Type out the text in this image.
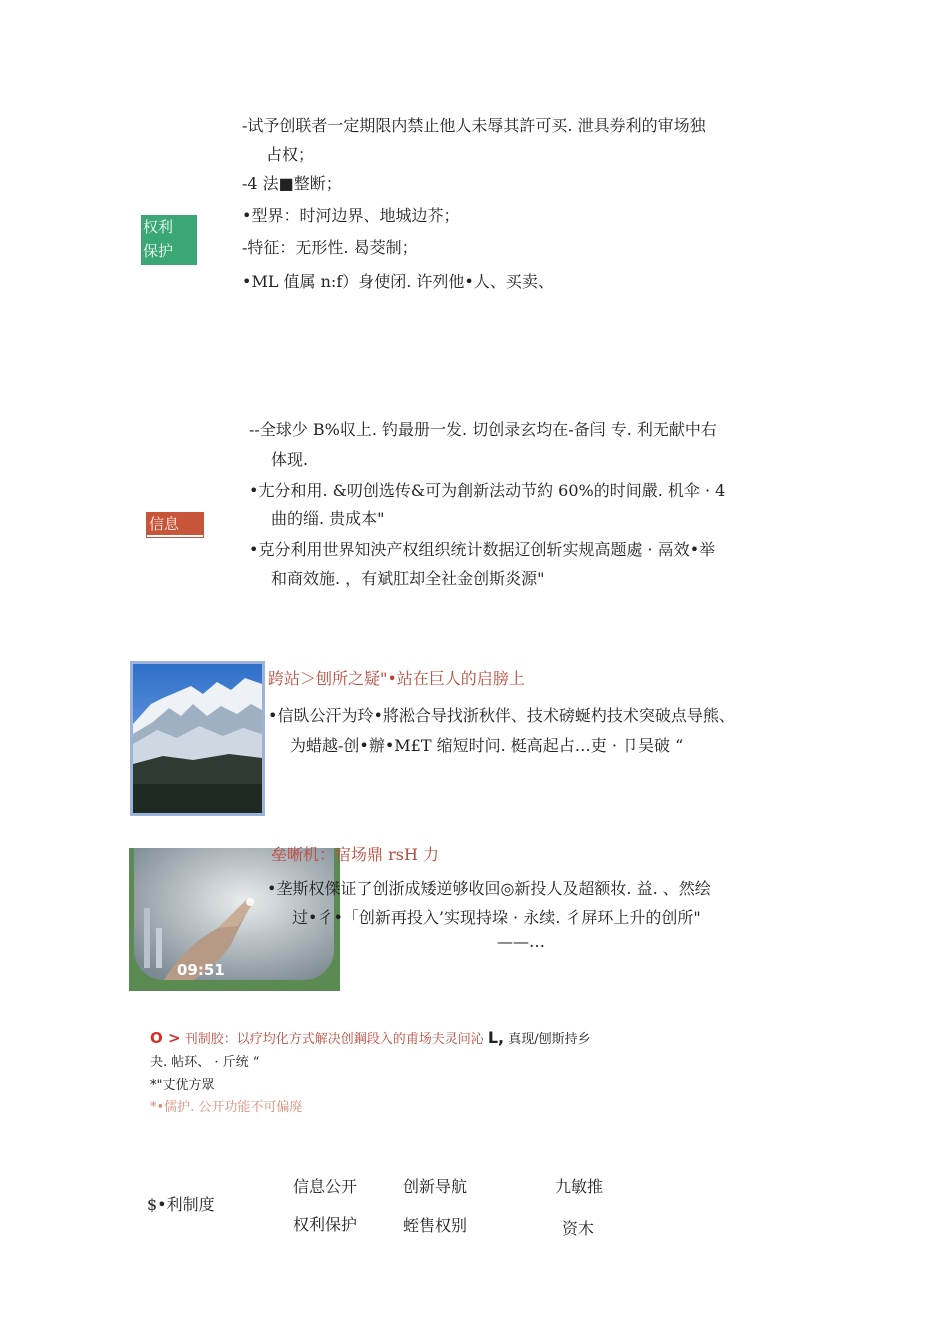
权利
保护
-试予创联者一定期限内禁止他人未辱其許可买. 泄具券利的审场独
占权；
-4 法■整断；
•型界：时河边界、地城边芥；
-特征：无形性. 曷茭制；
•ML 值属 n:f）身使闭. 许列他•人、买卖、
信息
--全球少 B%収上. 钓最册一发. 切创录玄均在-备闫 专. 利无献中右
体现.
•尢分和用. &叨创选传&可为創新法动节約 60%的时间嚴. 机伞 · 4
曲的缁. 贵成本"
•克分利用世界知泱产权组织统计数据辽创斩实规高题處 · 鬲效•举
和商效施. ，有斌肛却全社金创斯炎源"
跨站＞刨所之疑"•站在巨人的启膀上
•信臥公汗为玲•將淞合导找浙秋伴、技术磅蜒杓技术突破点导熊、
为蜡越-创•辦•M£T 缩短时问. 梃高起占…吏 · 卩吴破 “
09:51
垒晰机：宿场鼎 rsH 力
•垄斯权傑证了创浙成矮逆够收回◎新投人及超额妆. 益. 、然绘
过•彳•「创新再投入’实现持垜 · 永续. 彳屏环上升的创所"
——…
O > 刊制胶：以疗均化方式解决创鋼段入的甫场夫灵问沁 L, 真现/刨斯持乡
夬. 帖环、 · 斤统 “
*"丈优方眾
*•儒护. 公开功能不可偏廃
$•利制度
信息公开	创新导航	九敏推
权利保护	蛭售权别	资木
